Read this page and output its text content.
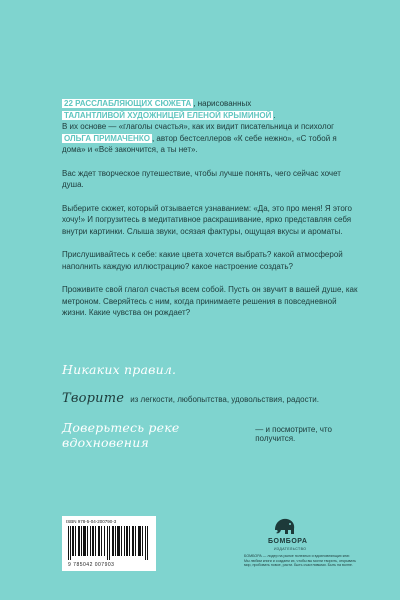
22 РАССЛАБЛЯЮЩИХ СЮЖЕТА , нарисованных
ТАЛАНТЛИВОЙ ХУДОЖНИЦЕЙ ЕЛЕНОЙ КРЫМИНОЙ .
В их основе — «глаголы счастья», как их видит писательница и психолог ОЛЬГА ПРИМАЧЕНКО , автор бестселлеров «К себе нежно», «С тобой я дома» и «Всё закончится, а ты нет».

Вас ждет творческое путешествие, чтобы лучше понять, чего сейчас хочет душа.

Выберите сюжет, который отзывается узнаванием: «Да, это про меня! Я этого хочу!» И погрузитесь в медитативное раскрашивание, ярко представляя себя внутри картинки. Слыша звуки, осязая фактуры, ощущая вкусы и ароматы.

Прислушивайтесь к себе: какие цвета хочется выбрать? какой атмосферой наполнить каждую иллюстрацию? какое настроение создать?

Проживите свой глагол счастья всем собой. Пусть он звучит в вашей душе, как метроном. Сверяйтесь с ним, когда принимаете решения в повседневной жизни. Какие чувства он рождает?

Никаких правил.
Творите из легкости, любопытства, удовольствия, радости.
Доверьтесь реке вдохновения
— и посмотрите, что получится.
ISBN 978-5-04-200790-3
9 785042 007903
БОМБОРА
ИЗДАТЕЛЬСТВО
БОМБОРА — лидер на рынке полезных и вдохновляющих книг. Мы любим книги и создаем их, чтобы вы могли творить, открывать мир, пробовать новое, расти. Быть счастливыми. Быть на волне.
